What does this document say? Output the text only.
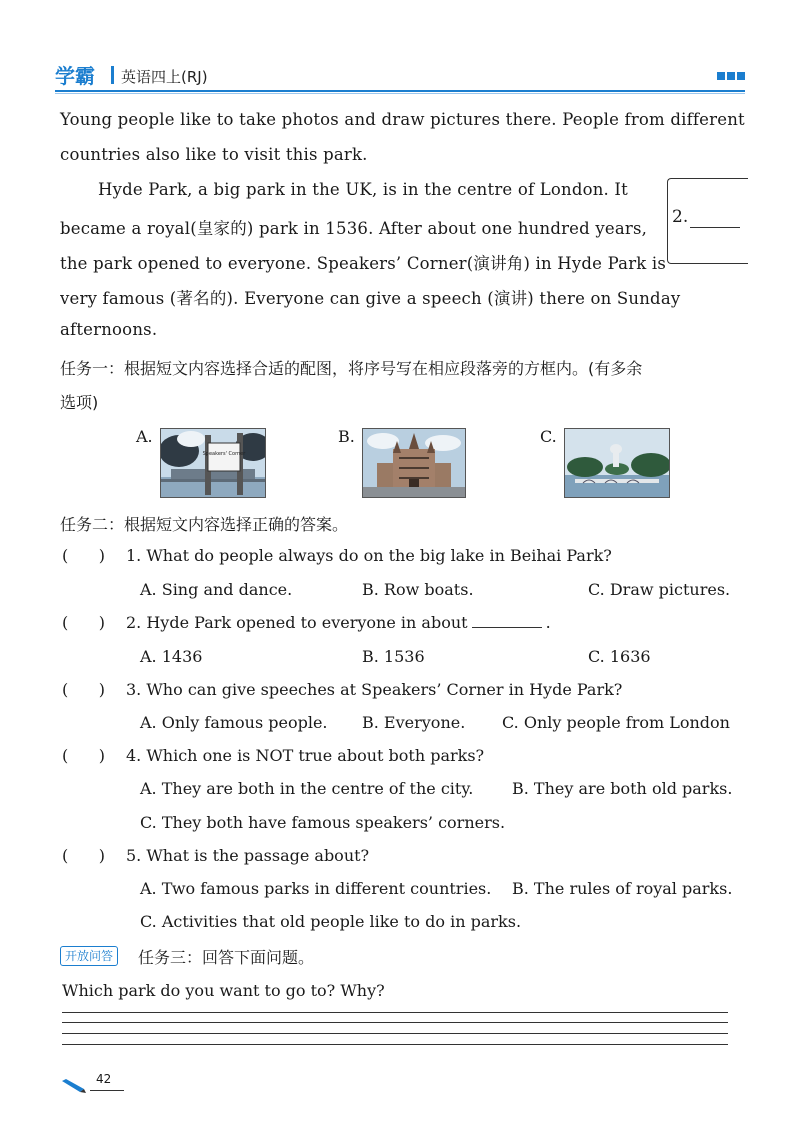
学霸 英语四上(RJ)
Young people like to take photos and draw pictures there. People from different
countries also like to visit this park.
Hyde Park, a big park in the UK, is in the centre of London. It
became a royal(皇家的) park in 1536. After about one hundred years,
the park opened to everyone. Speakers’ Corner(演讲角) in Hyde Park is
very famous (著名的). Everyone can give a speech (演讲) there on Sunday
afternoons.
2.
任务一：根据短文内容选择合适的配图，将序号写在相应段落旁的方框内。(有多余
选项)
A.
Speakers' Corner
B.	C.
任务二：根据短文内容选择正确的答案。
(      ) 1. What do people always do on the big lake in Beihai Park?
A. Sing and dance.	B. Row boats.	C. Draw pictures.
(      ) 2. Hyde Park opened to everyone in about	.
A. 1436	B. 1536	C. 1636
(      ) 3. Who can give speeches at Speakers’ Corner in Hyde Park?
A. Only famous people. B. Everyone. C. Only people from London
(      ) 4. Which one is NOT true about both parks?
A. They are both in the centre of the city. B. They are both old parks.
C. They both have famous speakers’ corners.
(      ) 5. What is the passage about?
A. Two famous parks in different countries. B. The rules of royal parks.
C. Activities that old people like to do in parks.
开放问答	任务三：回答下面问题。
Which park do you want to go to? Why?
42
